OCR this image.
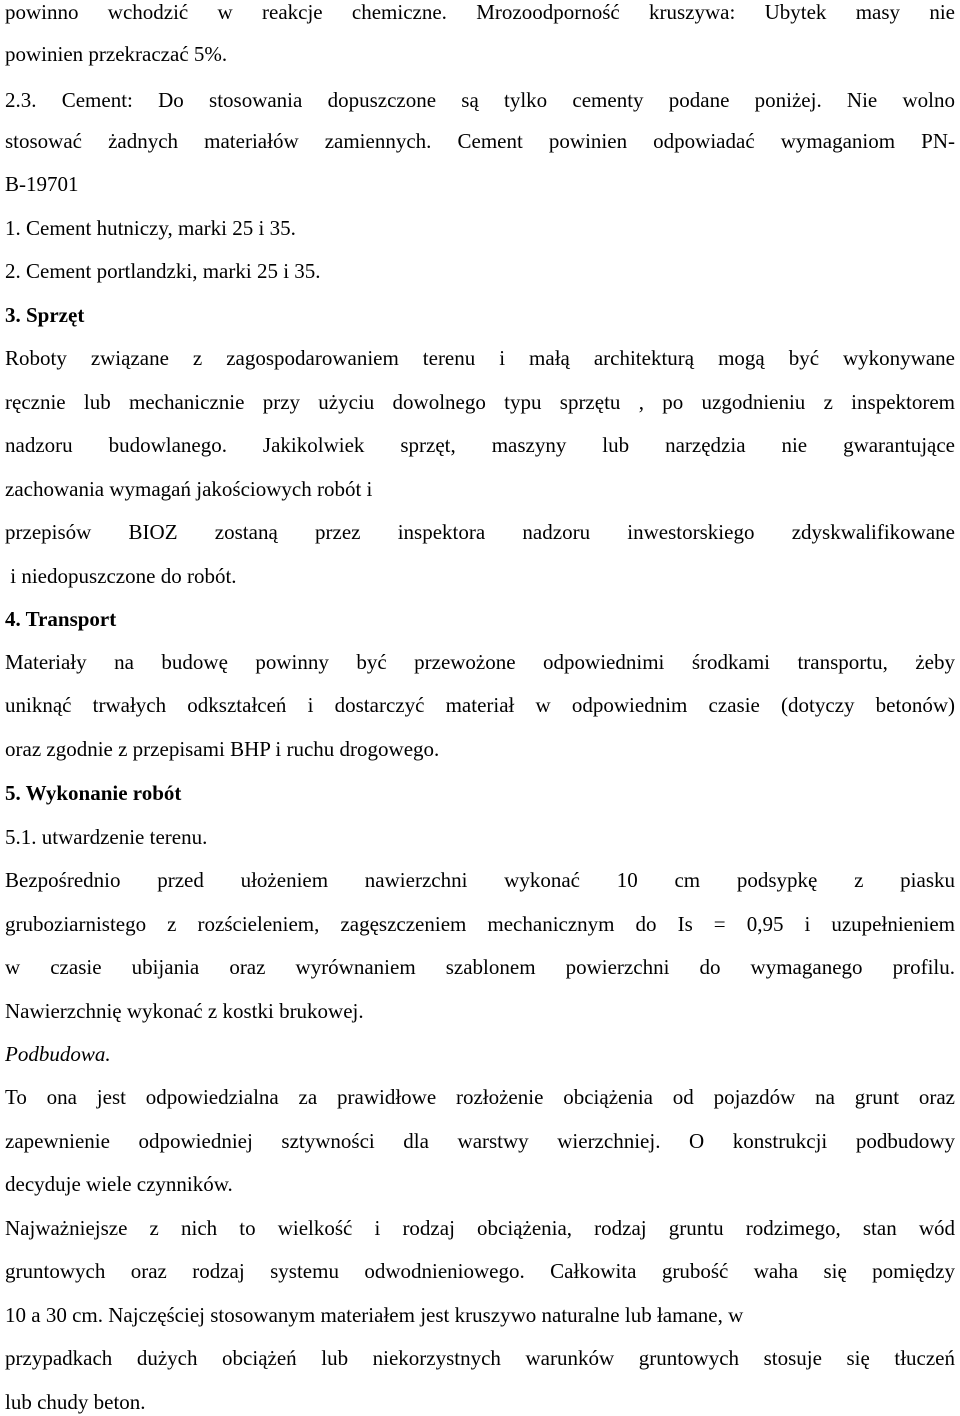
powinno wchodzić w reakcje chemiczne. Mrozoodporność kruszywa: Ubytek masy nie
powinien przekraczać 5%.
2.3. Cement: Do stosowania dopuszczone są tylko cementy podane poniżej. Nie wolno
stosować żadnych materiałów zamiennych. Cement powinien odpowiadać wymaganiom PN-
B-19701
1. Cement hutniczy, marki 25 i 35.
2. Cement portlandzki, marki 25 i 35.
3. Sprzęt
Roboty związane z zagospodarowaniem terenu i małą architekturą mogą być wykonywane
ręcznie lub mechanicznie przy użyciu dowolnego typu sprzętu , po uzgodnieniu z inspektorem
nadzoru budowlanego. Jakikolwiek sprzęt, maszyny lub narzędzia nie gwarantujące
zachowania wymagań jakościowych robót i
przepisów BIOZ zostaną przez inspektora nadzoru inwestorskiego zdyskwalifikowane
i niedopuszczone do robót.
4. Transport
Materiały na budowę powinny być przewożone odpowiednimi środkami transportu, żeby
uniknąć trwałych odkształceń i dostarczyć materiał w odpowiednim czasie (dotyczy betonów)
oraz zgodnie z przepisami BHP i ruchu drogowego.
5. Wykonanie robót
5.1. utwardzenie terenu.
Bezpośrednio przed ułożeniem nawierzchni wykonać 10 cm podsypkę z piasku
gruboziarnistego z rozścieleniem, zagęszczeniem mechanicznym do Is = 0,95 i uzupełnieniem
w czasie ubijania oraz wyrównaniem szablonem powierzchni do wymaganego profilu.
Nawierzchnię wykonać z kostki brukowej.
Podbudowa.
To ona jest odpowiedzialna za prawidłowe rozłożenie obciążenia od pojazdów na grunt oraz
zapewnienie odpowiedniej sztywności dla warstwy wierzchniej. O konstrukcji podbudowy
decyduje wiele czynników.
Najważniejsze z nich to wielkość i rodzaj obciążenia, rodzaj gruntu rodzimego, stan wód
gruntowych oraz rodzaj systemu odwodnieniowego. Całkowita grubość waha się pomiędzy
10 a 30 cm. Najczęściej stosowanym materiałem jest kruszywo naturalne lub łamane, w
przypadkach dużych obciążeń lub niekorzystnych warunków gruntowych stosuje się tłuczeń
lub chudy beton.
